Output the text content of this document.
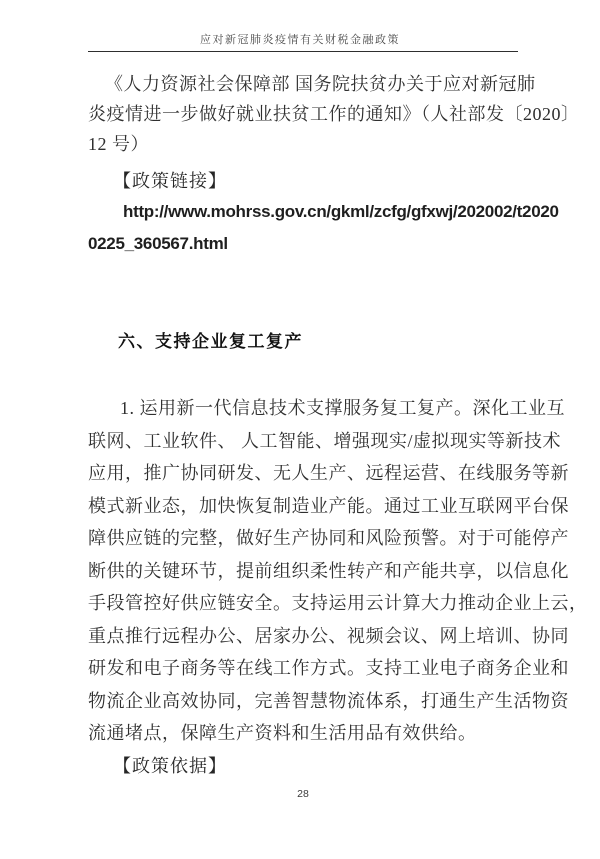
应对新冠肺炎疫情有关财税金融政策
《人力资源社会保障部 国务院扶贫办关于应对新冠肺
炎疫情进一步做好就业扶贫工作的通知》（人社部发〔2020〕
12 号）
【政策链接】
http://www.mohrss.gov.cn/gkml/zcfg/gfxwj/202002/t2020
0225_360567.html
六、支持企业复工复产
1. 运用新一代信息技术支撑服务复工复产。深化工业互
联网、工业软件、 人工智能、增强现实/虚拟现实等新技术
应用，推广协同研发、无人生产、远程运营、在线服务等新
模式新业态，加快恢复制造业产能。通过工业互联网平台保
障供应链的完整，做好生产协同和风险预警。对于可能停产
断供的关键环节，提前组织柔性转产和产能共享，以信息化
手段管控好供应链安全。支持运用云计算大力推动企业上云，
重点推行远程办公、居家办公、视频会议、网上培训、协同
研发和电子商务等在线工作方式。支持工业电子商务企业和
物流企业高效协同，完善智慧物流体系，打通生产生活物资
流通堵点，保障生产资料和生活用品有效供给。
【政策依据】
28
